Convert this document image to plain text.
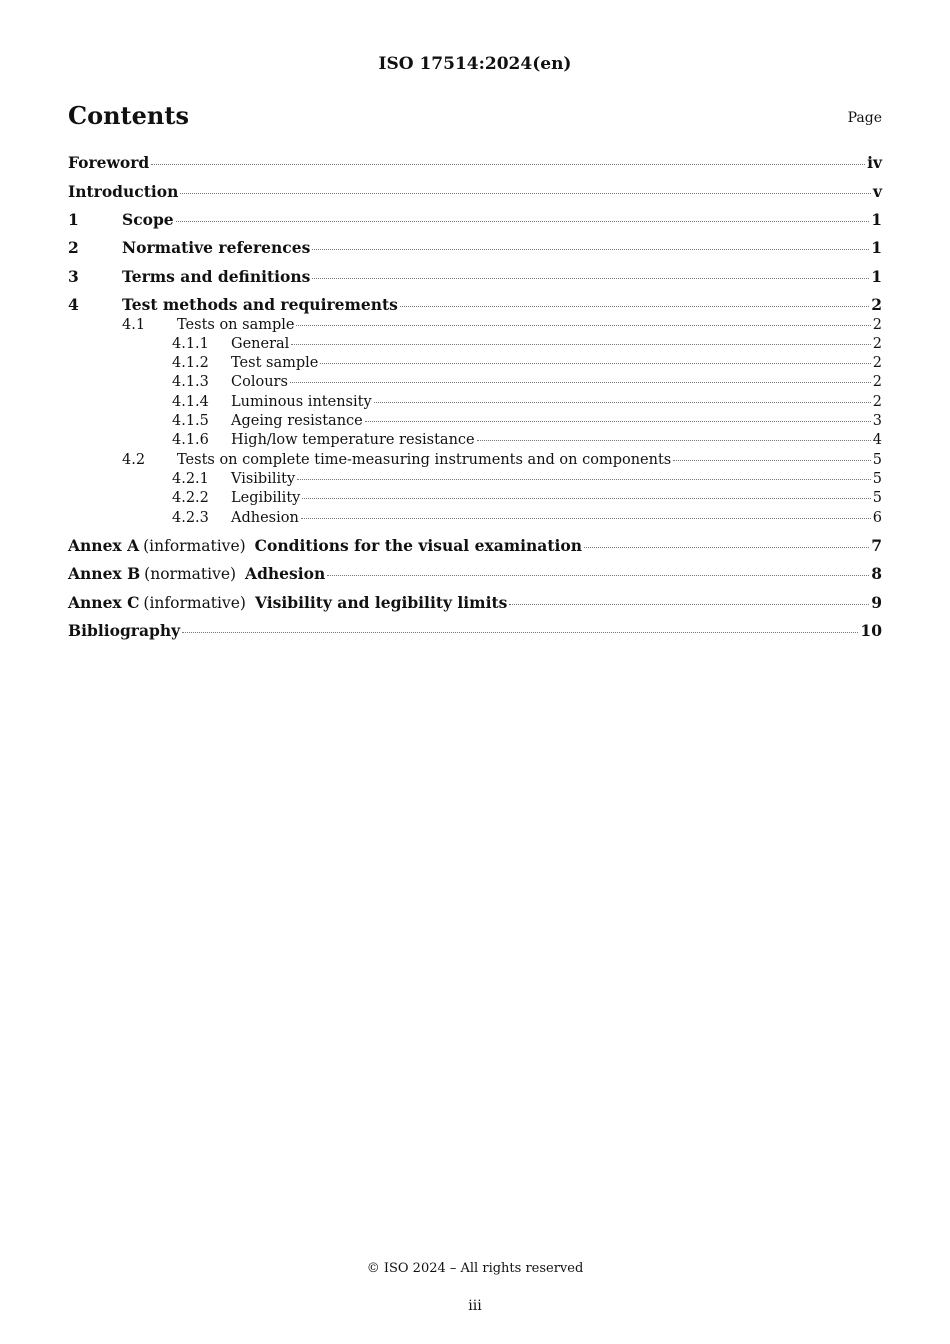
ISO 17514:2024(en)
Contents	Page
Foreword	iv
Introduction	v
1	Scope	1
2	Normative references	1
3	Terms and definitions	1
4	Test methods and requirements	2
4.1	Tests on sample	2
4.1.1	General	2
4.1.2	Test sample	2
4.1.3	Colours	2
4.1.4	Luminous intensity	2
4.1.5	Ageing resistance	3
4.1.6	High/low temperature resistance	4
4.2	Tests on complete time-measuring instruments and on components	5
4.2.1	Visibility	5
4.2.2	Legibility	5
4.2.3	Adhesion	6
Annex A (informative) Conditions for the visual examination	7
Annex B (normative) Adhesion	8
Annex C (informative) Visibility and legibility limits	9
Bibliography	10
© ISO 2024 – All rights reserved
iii
